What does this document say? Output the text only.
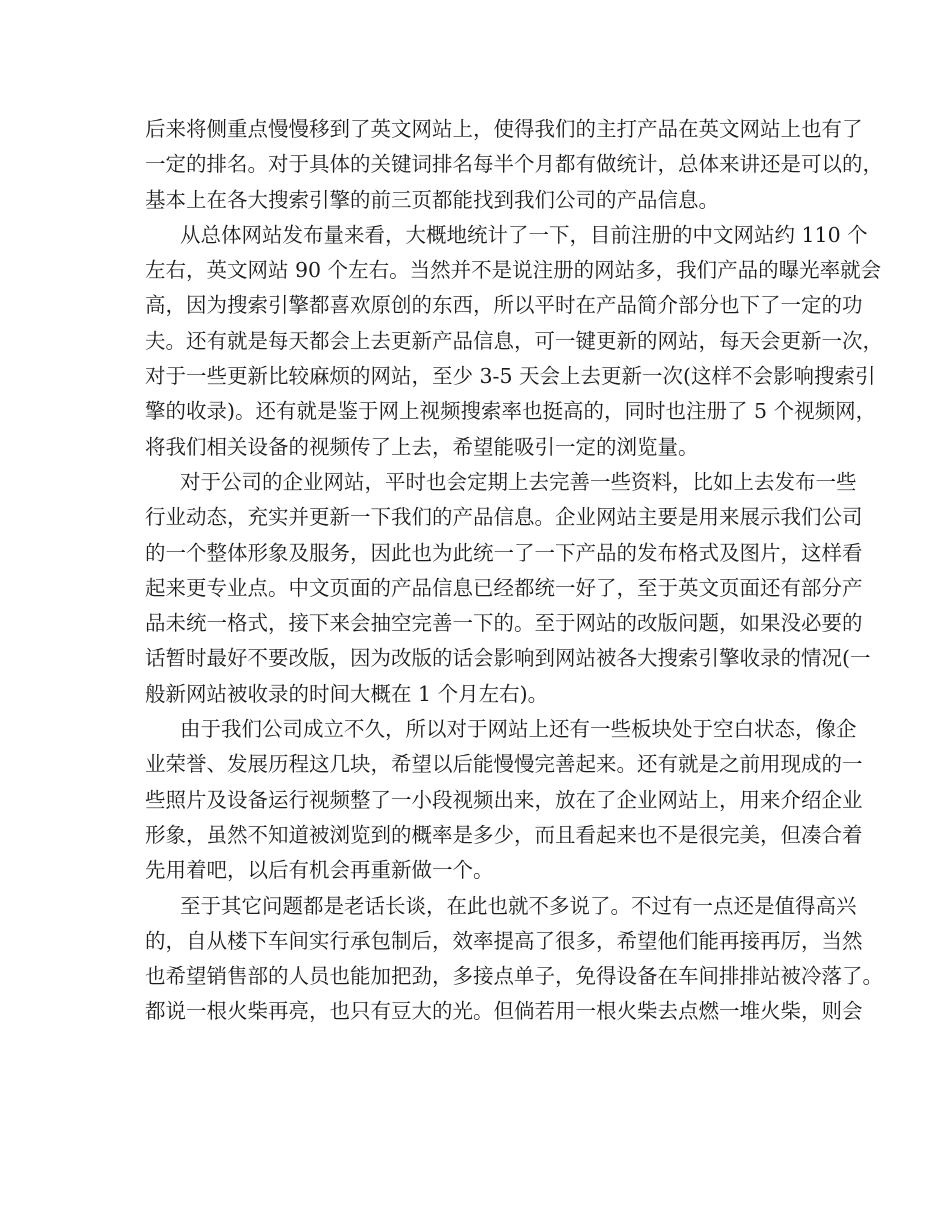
后来将侧重点慢慢移到了英文网站上，使得我们的主打产品在英文网站上也有了
一定的排名。对于具体的关键词排名每半个月都有做统计，总体来讲还是可以的，
基本上在各大搜索引擎的前三页都能找到我们公司的产品信息。
从总体网站发布量来看，大概地统计了一下，目前注册的中文网站约 110 个
左右，英文网站 90 个左右。当然并不是说注册的网站多，我们产品的曝光率就会
高，因为搜索引擎都喜欢原创的东西，所以平时在产品简介部分也下了一定的功
夫。还有就是每天都会上去更新产品信息，可一键更新的网站，每天会更新一次，
对于一些更新比较麻烦的网站，至少 3-5 天会上去更新一次(这样不会影响搜索引
擎的收录)。还有就是鉴于网上视频搜索率也挺高的，同时也注册了 5 个视频网，
将我们相关设备的视频传了上去，希望能吸引一定的浏览量。
对于公司的企业网站，平时也会定期上去完善一些资料，比如上去发布一些
行业动态，充实并更新一下我们的产品信息。企业网站主要是用来展示我们公司
的一个整体形象及服务，因此也为此统一了一下产品的发布格式及图片，这样看
起来更专业点。中文页面的产品信息已经都统一好了，至于英文页面还有部分产
品未统一格式，接下来会抽空完善一下的。至于网站的改版问题，如果没必要的
话暂时最好不要改版，因为改版的话会影响到网站被各大搜索引擎收录的情况(一
般新网站被收录的时间大概在 1 个月左右)。
由于我们公司成立不久，所以对于网站上还有一些板块处于空白状态，像企
业荣誉、发展历程这几块，希望以后能慢慢完善起来。还有就是之前用现成的一
些照片及设备运行视频整了一小段视频出来，放在了企业网站上，用来介绍企业
形象，虽然不知道被浏览到的概率是多少，而且看起来也不是很完美，但凑合着
先用着吧，以后有机会再重新做一个。
至于其它问题都是老话长谈，在此也就不多说了。不过有一点还是值得高兴
的，自从楼下车间实行承包制后，效率提高了很多，希望他们能再接再厉，当然
也希望销售部的人员也能加把劲，多接点单子，免得设备在车间排排站被冷落了。
都说一根火柴再亮，也只有豆大的光。但倘若用一根火柴去点燃一堆火柴，则会
